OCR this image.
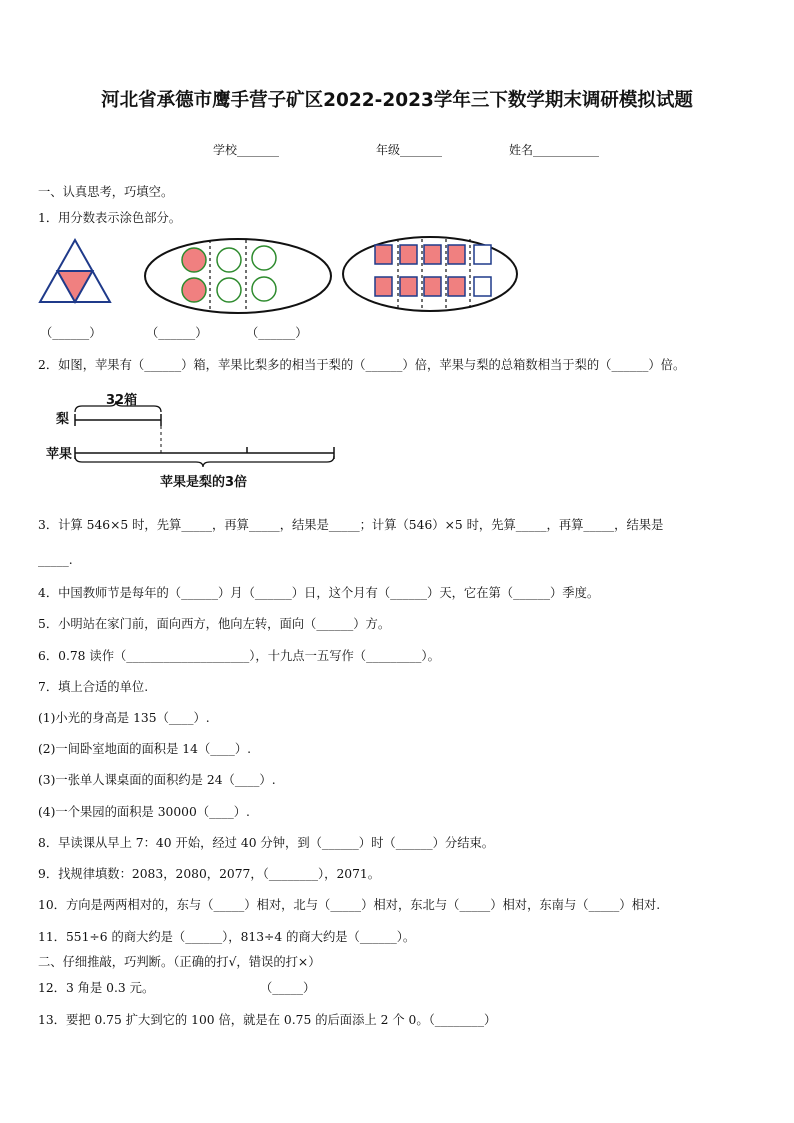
河北省承德市鹰手营子矿区2022-2023学年三下数学期末调研模拟试题
学校_______	年级_______	姓名___________
一、认真思考，巧填空。
1．用分数表示涂色部分。
（______）	（______）	（______）
2．如图，苹果有（______）箱，苹果比梨多的相当于梨的（______）倍，苹果与梨的总箱数相当于梨的（______）倍。
32箱
梨
苹果
苹果是梨的3倍
3．计算 546×5 时，先算_____，再算_____，结果是_____；计算（546）×5 时，先算_____，再算_____，结果是
_____.
4．中国教师节是每年的（______）月（______）日，这个月有（______）天，它在第（______）季度。
5．小明站在家门前，面向西方，他向左转，面向（______）方。
6．0.78 读作（____________________），十九点一五写作（_________）。
7．填上合适的单位.
(1)小光的身高是 135（____）.
(2)一间卧室地面的面积是 14（____）.
(3)一张单人课桌面的面积约是 24（____）.
(4)一个果园的面积是 30000（____）.
8．早读课从早上 7：40 开始，经过 40 分钟，到（______）时（______）分结束。
9．找规律填数：2083，2080，2077，（________），2071。
10．方向是两两相对的，东与（_____）相对，北与（_____）相对，东北与（_____）相对，东南与（_____）相对.
11．551÷6 的商大约是（______），813÷4 的商大约是（______）。
二、仔细推敲，巧判断。（正确的打√，错误的打×）
12．3 角是 0.3 元。	（_____）
13．要把 0.75 扩大到它的 100 倍，就是在 0.75 的后面添上 2 个 0。（________）
